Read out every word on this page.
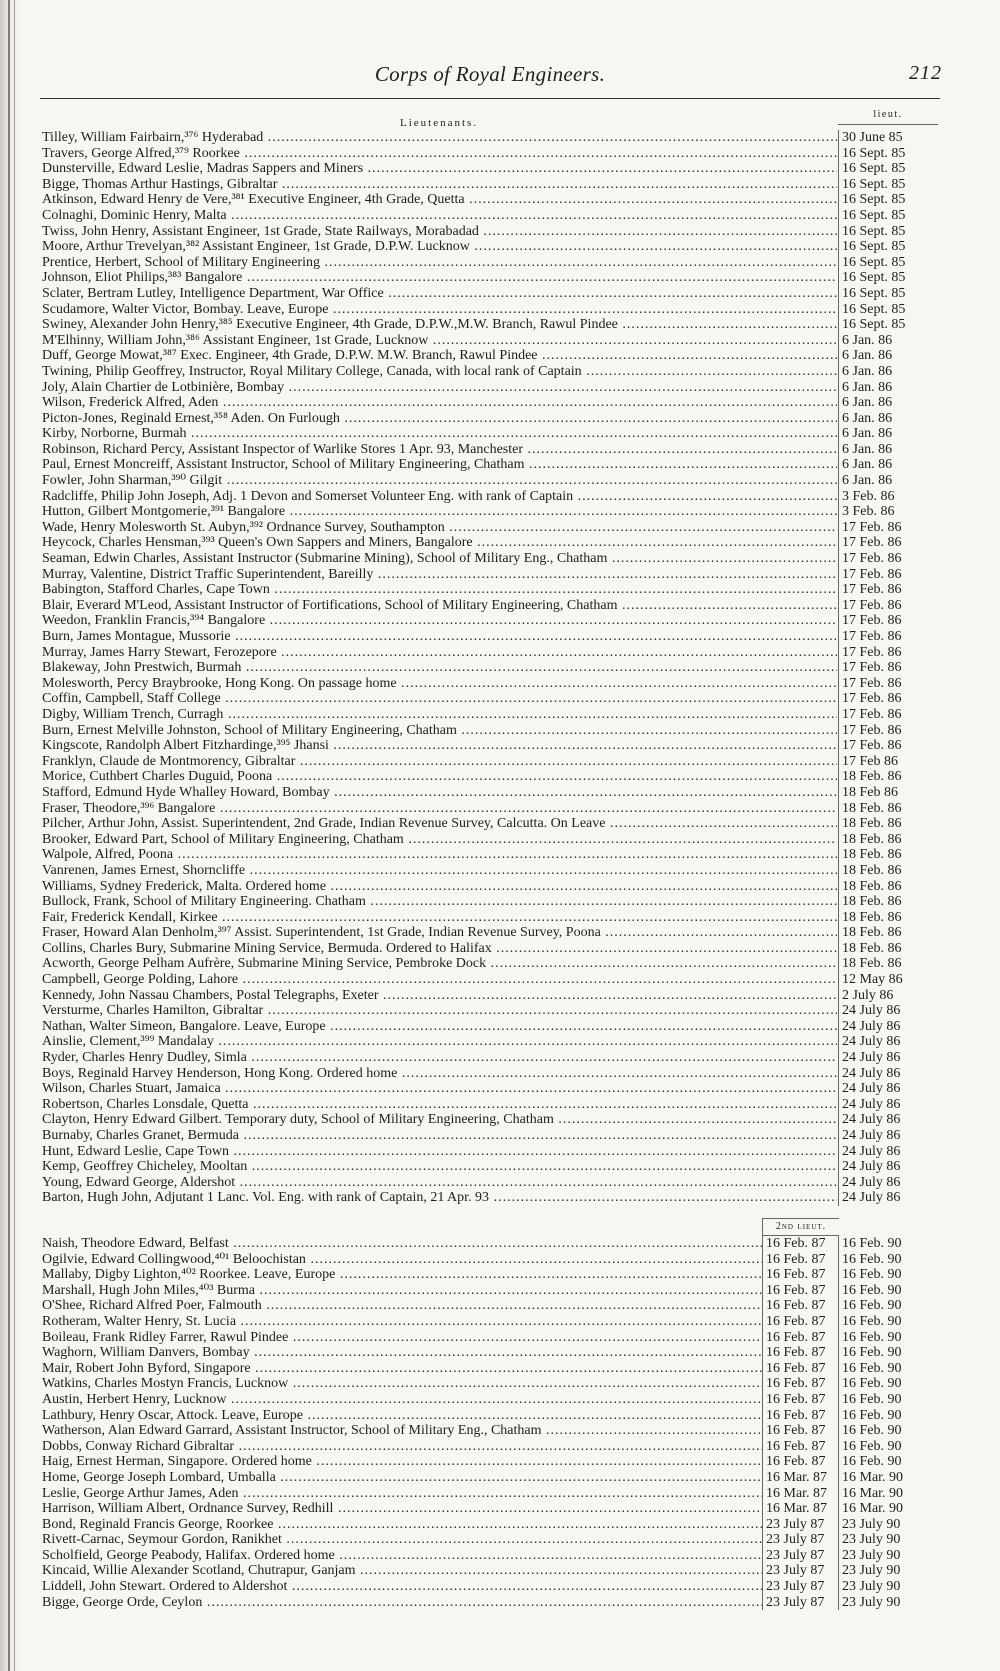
Corps of Royal Engineers.	212
Lieutenants.
lieut.
Tilley, William Fairbairn,³⁷⁶ Hyderabad .....	30 June 85
Travers, George Alfred,³⁷⁹ Roorkee .....	16 Sept. 85
Dunsterville, Edward Leslie, Madras Sappers and Miners .....	16 Sept. 85
Bigge, Thomas Arthur Hastings, Gibraltar .....	16 Sept. 85
Atkinson, Edward Henry de Vere,³⁸¹ Executive Engineer, 4th Grade, Quetta .....	16 Sept. 85
Colnaghi, Dominic Henry, Malta .....	16 Sept. 85
Twiss, John Henry, Assistant Engineer, 1st Grade, State Railways, Morabadad .....	16 Sept. 85
Moore, Arthur Trevelyan,³⁸² Assistant Engineer, 1st Grade, D.P.W. Lucknow .....	16 Sept. 85
Prentice, Herbert, School of Military Engineering .....	16 Sept. 85
Johnson, Eliot Philips,³⁸³ Bangalore .....	16 Sept. 85
Sclater, Bertram Lutley, Intelligence Department, War Office .....	16 Sept. 85
Scudamore, Walter Victor, Bombay. Leave, Europe .....	16 Sept. 85
Swiney, Alexander John Henry,³⁸⁵ Executive Engineer, 4th Grade, D.P.W.,M.W. Branch, Rawul Pindee .....	16 Sept. 85
M'Elhinny, William John,³⁸⁶ Assistant Engineer, 1st Grade, Lucknow .....	6 Jan. 86
Duff, George Mowat,³⁸⁷ Exec. Engineer, 4th Grade, D.P.W. M.W. Branch, Rawul Pindee .....	6 Jan. 86
Twining, Philip Geoffrey, Instructor, Royal Military College, Canada, with local rank of Captain .....	6 Jan. 86
Joly, Alain Chartier de Lotbinière, Bombay .....	6 Jan. 86
Wilson, Frederick Alfred, Aden .....	6 Jan. 86
Picton-Jones, Reginald Ernest,³⁵⁸ Aden. On Furlough .....	6 Jan. 86
Kirby, Norborne, Burmah .....	6 Jan. 86
Robinson, Richard Percy, Assistant Inspector of Warlike Stores 1 Apr. 93, Manchester .....	6 Jan. 86
Paul, Ernest Moncreiff, Assistant Instructor, School of Military Engineering, Chatham .....	6 Jan. 86
Fowler, John Sharman,³⁹⁰ Gilgit .....	6 Jan. 86
Radcliffe, Philip John Joseph, Adj. 1 Devon and Somerset Volunteer Eng. with rank of Captain .....	3 Feb. 86
Hutton, Gilbert Montgomerie,³⁹¹ Bangalore .....	3 Feb. 86
Wade, Henry Molesworth St. Aubyn,³⁹² Ordnance Survey, Southampton .....	17 Feb. 86
Heycock, Charles Hensman,³⁹³ Queen's Own Sappers and Miners, Bangalore .....	17 Feb. 86
Seaman, Edwin Charles, Assistant Instructor (Submarine Mining), School of Military Eng., Chatham .....	17 Feb. 86
Murray, Valentine, District Traffic Superintendent, Bareilly .....	17 Feb. 86
Babington, Stafford Charles, Cape Town .....	17 Feb. 86
Blair, Everard M'Leod, Assistant Instructor of Fortifications, School of Military Engineering, Chatham .....	17 Feb. 86
Weedon, Franklin Francis,³⁹⁴ Bangalore .....	17 Feb. 86
Burn, James Montague, Mussorie .....	17 Feb. 86
Murray, James Harry Stewart, Ferozepore .....	17 Feb. 86
Blakeway, John Prestwich, Burmah .....	17 Feb. 86
Molesworth, Percy Braybrooke, Hong Kong. On passage home .....	17 Feb. 86
Coffin, Campbell, Staff College .....	17 Feb. 86
Digby, William Trench, Curragh .....	17 Feb. 86
Burn, Ernest Melville Johnston, School of Military Engineering, Chatham .....	17 Feb. 86
Kingscote, Randolph Albert Fitzhardinge,³⁹⁵ Jhansi .....	17 Feb. 86
Franklyn, Claude de Montmorency, Gibraltar .....	17 Feb 86
Morice, Cuthbert Charles Duguid, Poona .....	18 Feb. 86
Stafford, Edmund Hyde Whalley Howard, Bombay .....	18 Feb 86
Fraser, Theodore,³⁹⁶ Bangalore .....	18 Feb. 86
Pilcher, Arthur John, Assist. Superintendent, 2nd Grade, Indian Revenue Survey, Calcutta. On Leave .....	18 Feb. 86
Brooker, Edward Part, School of Military Engineering, Chatham .....	18 Feb. 86
Walpole, Alfred, Poona .....	18 Feb. 86
Vanrenen, James Ernest, Shorncliffe .....	18 Feb. 86
Williams, Sydney Frederick, Malta. Ordered home .....	18 Feb. 86
Bullock, Frank, School of Military Engineering. Chatham .....	18 Feb. 86
Fair, Frederick Kendall, Kirkee .....	18 Feb. 86
Fraser, Howard Alan Denholm,³⁹⁷ Assist. Superintendent, 1st Grade, Indian Revenue Survey, Poona .....	18 Feb. 86
Collins, Charles Bury, Submarine Mining Service, Bermuda. Ordered to Halifax .....	18 Feb. 86
Acworth, George Pelham Aufrère, Submarine Mining Service, Pembroke Dock .....	18 Feb. 86
Campbell, George Polding, Lahore .....	12 May 86
Kennedy, John Nassau Chambers, Postal Telegraphs, Exeter .....	2 July 86
Versturme, Charles Hamilton, Gibraltar .....	24 July 86
Nathan, Walter Simeon, Bangalore. Leave, Europe .....	24 July 86
Ainslie, Clement,³⁹⁹ Mandalay .....	24 July 86
Ryder, Charles Henry Dudley, Simla .....	24 July 86
Boys, Reginald Harvey Henderson, Hong Kong. Ordered home .....	24 July 86
Wilson, Charles Stuart, Jamaica .....	24 July 86
Robertson, Charles Lonsdale, Quetta .....	24 July 86
Clayton, Henry Edward Gilbert. Temporary duty, School of Military Engineering, Chatham .....	24 July 86
Burnaby, Charles Granet, Bermuda .....	24 July 86
Hunt, Edward Leslie, Cape Town .....	24 July 86
Kemp, Geoffrey Chicheley, Mooltan .....	24 July 86
Young, Edward George, Aldershot .....	24 July 86
Barton, Hugh John, Adjutant 1 Lanc. Vol. Eng. with rank of Captain, 21 Apr. 93 .....	24 July 86
2nd lieut.
Naish, Theodore Edward, Belfast .....	16 Feb. 87	16 Feb. 90
Ogilvie, Edward Collingwood,⁴⁰¹ Beloochistan .....	16 Feb. 87	16 Feb. 90
Mallaby, Digby Lighton,⁴⁰² Roorkee. Leave, Europe .....	16 Feb. 87	16 Feb. 90
Marshall, Hugh John Miles,⁴⁰³ Burma .....	16 Feb. 87	16 Feb. 90
O'Shee, Richard Alfred Poer, Falmouth .....	16 Feb. 87	16 Feb. 90
Rotheram, Walter Henry, St. Lucia .....	16 Feb. 87	16 Feb. 90
Boileau, Frank Ridley Farrer, Rawul Pindee .....	16 Feb. 87	16 Feb. 90
Waghorn, William Danvers, Bombay .....	16 Feb. 87	16 Feb. 90
Mair, Robert John Byford, Singapore .....	16 Feb. 87	16 Feb. 90
Watkins, Charles Mostyn Francis, Lucknow .....	16 Feb. 87	16 Feb. 90
Austin, Herbert Henry, Lucknow .....	16 Feb. 87	16 Feb. 90
Lathbury, Henry Oscar, Attock. Leave, Europe .....	16 Feb. 87	16 Feb. 90
Watherson, Alan Edward Garrard, Assistant Instructor, School of Military Eng., Chatham .....	16 Feb. 87	16 Feb. 90
Dobbs, Conway Richard Gibraltar .....	16 Feb. 87	16 Feb. 90
Haig, Ernest Herman, Singapore. Ordered home .....	16 Feb. 87	16 Feb. 90
Home, George Joseph Lombard, Umballa .....	16 Mar. 87	16 Mar. 90
Leslie, George Arthur James, Aden .....	16 Mar. 87	16 Mar. 90
Harrison, William Albert, Ordnance Survey, Redhill .....	16 Mar. 87	16 Mar. 90
Bond, Reginald Francis George, Roorkee .....	23 July 87	23 July 90
Rivett-Carnac, Seymour Gordon, Ranikhet .....	23 July 87	23 July 90
Scholfield, George Peabody, Halifax. Ordered home .....	23 July 87	23 July 90
Kincaid, Willie Alexander Scotland, Chutrapur, Ganjam .....	23 July 87	23 July 90
Liddell, John Stewart. Ordered to Aldershot .....	23 July 87	23 July 90
Bigge, George Orde, Ceylon .....	23 July 87	23 July 90
